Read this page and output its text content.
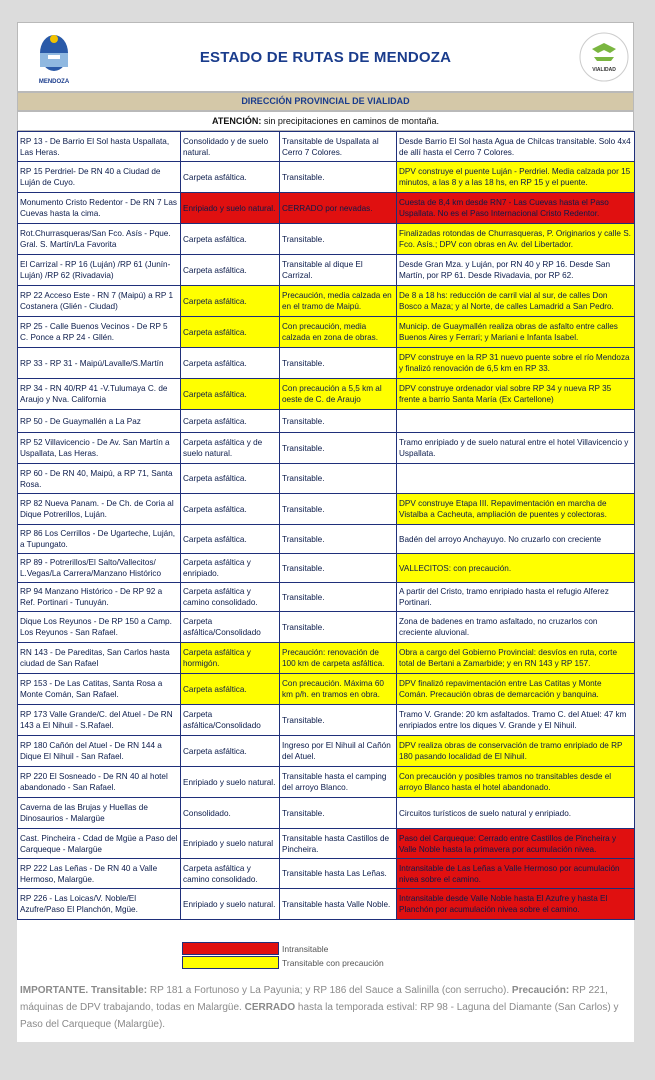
MENDOZA
ESTADO DE RUTAS DE MENDOZA
VIALIDAD
DIRECCIÓN PROVINCIAL DE VIALIDAD
ATENCIÓN: sin precipitaciones en caminos de montaña.
RP 13 - De Barrio El Sol hasta Uspallata, Las Heras.	Consolidado y de suelo natural.	Transitable de Uspallata al Cerro 7 Colores.	Desde Barrio El Sol hasta Agua de Chilcas transitable. Solo 4x4 de allí hasta el Cerro 7 Colores.
RP 15 Perdriel- De RN 40 a Ciudad de Luján de Cuyo.	Carpeta asfáltica.	Transitable.	DPV construye el puente Luján - Perdriel. Media calzada por 15 minutos, a las 8 y a las 18 hs, en RP 15 y el puente.
Monumento Cristo Redentor - De RN 7 Las Cuevas hasta la cima.	Enripiado y suelo natural.	CERRADO por nevadas.	Cuesta de 8,4 km desde RN7 - Las Cuevas hasta el Paso Uspallata. No es el Paso Internacional Cristo Redentor.
Rot.Churrasqueras/San Fco. Asís - Pque. Gral. S. Martín/La Favorita	Carpeta asfáltica.	Transitable.	Finalizadas rotondas de Churrasqueras, P. Originarios y calle S. Fco. Asís.; DPV con obras en Av. del Libertador.
El Carrizal - RP 16 (Luján) /RP 61 (Junín-Luján) /RP 62 (Rivadavia)	Carpeta asfáltica.	Transitable al dique El Carrizal.	Desde Gran Mza. y Luján, por RN 40 y RP 16. Desde San Martín, por RP 61. Desde Rivadavia, por RP 62.
RP 22 Acceso Este - RN 7 (Maipú) a RP 1 Costanera (Glién - Ciudad)	Carpeta asfáltica.	Precaución, media calzada en en el tramo de Maipú.	De 8 a 18 hs: reducción de carril vial al sur, de calles Don Bosco a Maza; y al Norte, de calles Lamadrid a San Pedro.
RP 25 - Calle Buenos Vecinos - De RP 5 C. Ponce a RP 24 - Gllén.	Carpeta asfáltica.	Con precaución, media calzada en zona de obras.	Municip. de Guaymallén realiza obras de asfalto entre calles Buenos Aires y Ferrari; y Mariani e Infanta Isabel.
RP 33 - RP 31 - Maipú/Lavalle/S.Martín	Carpeta asfáltica.	Transitable.	DPV construye en la RP 31 nuevo puente sobre el río Mendoza y finalizó renovación de 6,5 km en RP 33.
RP 34 - RN 40/RP 41 -V.Tulumaya C. de Araujo y Nva. California	Carpeta asfáltica.	Con precaución a 5,5 km al oeste de C. de Araujo	DPV construye ordenador vial sobre RP 34 y nueva RP 35 frente a barrio Santa María (Ex Cartellone)
RP 50 - De Guaymallén a La Paz	Carpeta asfáltica.	Transitable.	
RP 52 Villavicencio - De Av. San Martín a Uspallata, Las Heras.	Carpeta asfáltica y de suelo natural.	Transitable.	Tramo enripiado y de suelo natural entre el hotel Villavicencio y Uspallata.
RP 60 - De RN 40, Maipú, a RP 71, Santa Rosa.	Carpeta asfáltica.	Transitable.	
RP 82 Nueva Panam. - De Ch. de Coria al Dique Potrerillos, Luján.	Carpeta asfáltica.	Transitable.	DPV construye Etapa III. Repavimentación en marcha de Vistalba a Cacheuta, ampliación de puentes y colectoras.
RP 86 Los Cerrillos - De Ugarteche, Luján, a Tupungato.	Carpeta asfáltica.	Transitable.	Badén del arroyo Anchayuyo. No cruzarlo con creciente
RP 89 - Potrerillos/El Salto/Vallecitos/ L.Vegas/La Carrera/Manzano Histórico	Carpeta asfáltica y enripiado.	Transitable.	VALLECITOS: con precaución.
RP 94 Manzano Histórico - De RP 92 a Ref. Portinari - Tunuyán.	Carpeta asfáltica y camino consolidado.	Transitable.	A partir del Cristo, tramo enripiado hasta el refugio Alferez Portinari.
Dique Los Reyunos - De RP 150 a Camp. Los Reyunos - San Rafael.	Carpeta asfáltica/Consolidado	Transitable.	Zona de badenes en tramo asfaltado, no cruzarlos con creciente aluvional.
RN 143 - De Pareditas, San Carlos hasta ciudad de San Rafael	Carpeta asfáltica y hormigón.	Precaución: renovación de 100 km de carpeta asfáltica.	Obra a cargo del Gobierno Provincial: desvíos en ruta, corte total de Bertani a Zamarbide; y en RN 143 y RP 157.
RP 153 - De Las Catitas, Santa Rosa a Monte Comán, San Rafael.	Carpeta asfáltica.	Con precaución. Máxima 60 km p/h. en tramos en obra.	DPV finalizó repavimentación entre Las Catitas y Monte Comán. Precaución obras de demarcación y banquina.
RP 173 Valle Grande/C. del Atuel - De RN 143 a El Nihuil - S.Rafael.	Carpeta asfáltica/Consolidado	Transitable.	Tramo V. Grande: 20 km asfaltados. Tramo C. del Atuel: 47 km enripiados entre los diques V. Grande y El Nihuil.
RP 180 Cañón del Atuel - De RN 144 a Dique El Nihuil - San Rafael.	Carpeta asfáltica.	Ingreso por El Nihuil al Cañón del Atuel.	DPV realiza obras de conservación de tramo enripiado de RP 180 pasando localidad de El Nihuil.
RP 220 El Sosneado - De RN 40 al hotel abandonado - San Rafael.	Enripiado y suelo natural.	Transitable hasta el camping del arroyo Blanco.	Con precaución y posibles tramos no transitables desde el arroyo Blanco hasta el hotel abandonado.
Caverna de las Brujas y Huellas de Dinosaurios - Malargüe	Consolidado.	Transitable.	Circuitos turísticos de suelo natural y enripiado.
Cast. Pincheira - Cdad de Mgüe a Paso del Carqueque - Malargüe	Enripiado y suelo natural	Transitable hasta Castillos de Pincheira.	Paso del Carqueque: Cerrado entre Castillos de Pincheira y Valle Noble hasta la primavera por acumulación nivea.
RP 222 Las Leñas - De RN 40 a Valle Hermoso, Malargüe.	Carpeta asfáltica y camino consolidado.	Transitable hasta Las Leñas.	Intransitable de Las Leñas a Valle Hermoso por acumulación nivea sobre el camino.
RP 226 - Las Loicas/V. Noble/El Azufre/Paso El Planchón, Mgüe.	Enripiado y suelo natural.	Transitable hasta Valle Noble.	Intransitable desde Valle Noble hasta El Azufre y hasta El Planchón por acumulación nivea sobre el camino.
Intransitable
Transitable con precaución
IMPORTANTE. Transitable: RP 181 a Fortunoso y La Payunia; y RP 186 del Sauce a Salinilla (con serrucho). Precaución: RP 221, máquinas de DPV trabajando, todas en Malargüe. CERRADO hasta la temporada estival: RP 98 - Laguna del Diamante (San Carlos) y Paso del Carqueque (Malargüe).
